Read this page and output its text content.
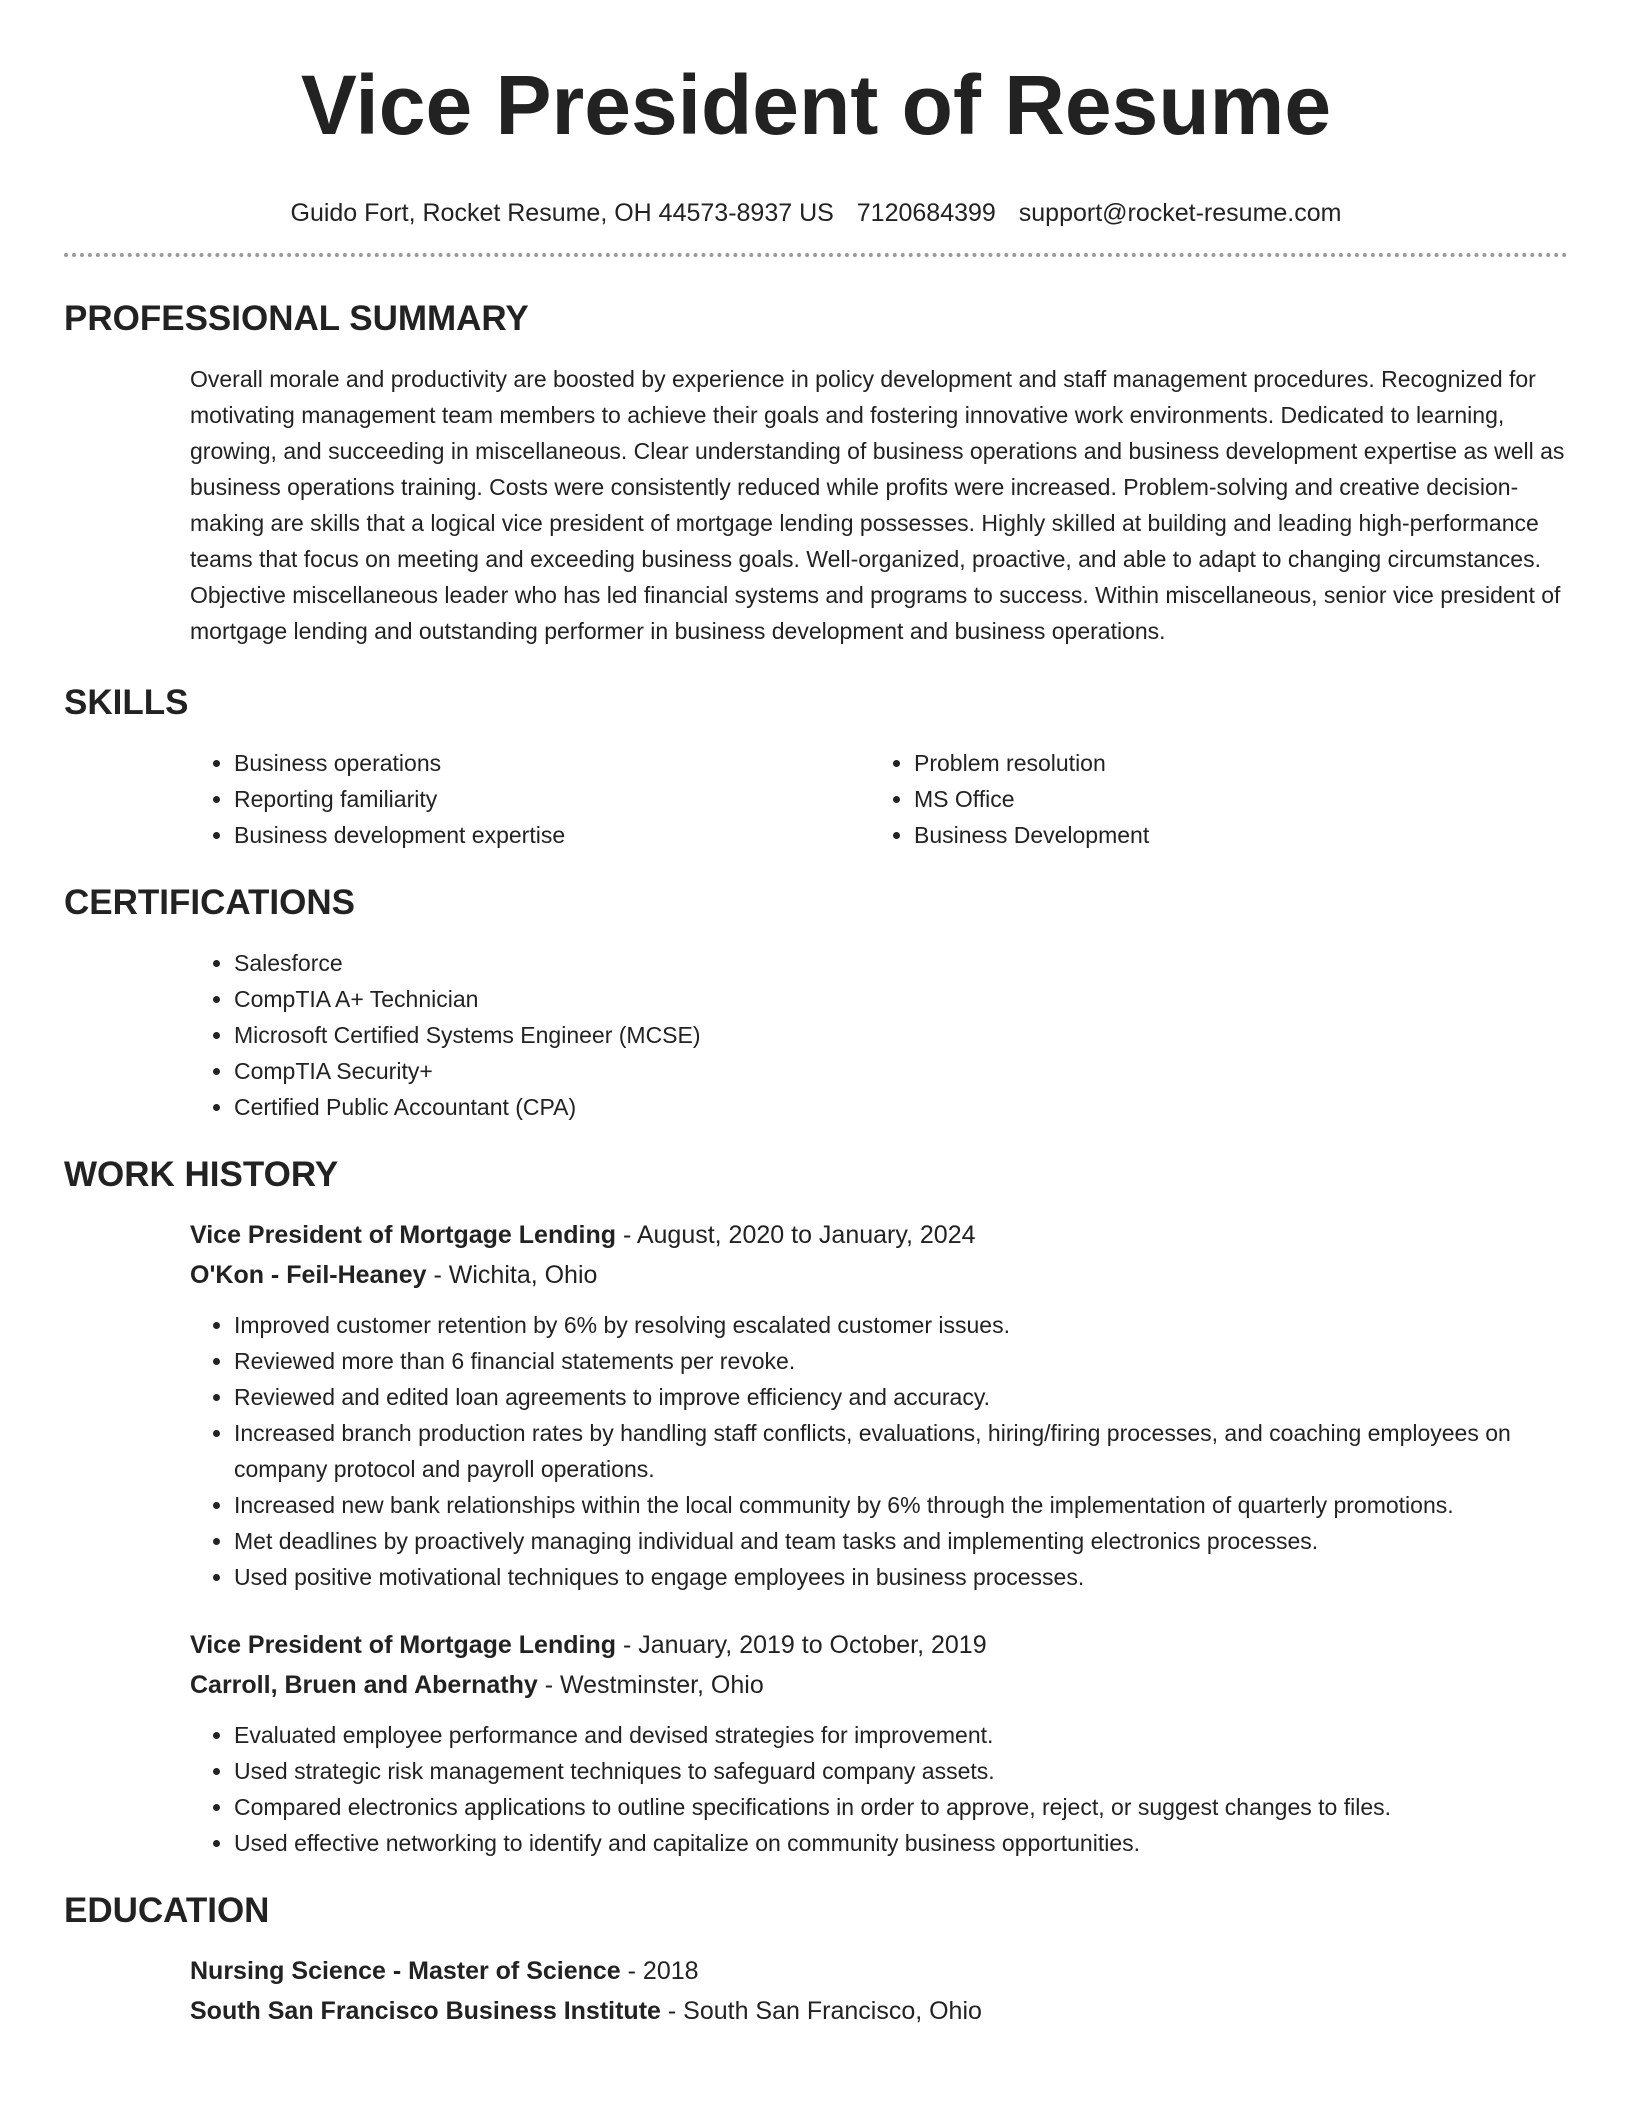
Vice President of Resume
Guido Fort, Rocket Resume, OH 44573-8937 US 7120684399 support@rocket-resume.com
PROFESSIONAL SUMMARY
Overall morale and productivity are boosted by experience in policy development and staff management procedures. Recognized for motivating management team members to achieve their goals and fostering innovative work environments. Dedicated to learning, growing, and succeeding in miscellaneous. Clear understanding of business operations and business development expertise as well as business operations training. Costs were consistently reduced while profits were increased. Problem-solving and creative decision-making are skills that a logical vice president of mortgage lending possesses. Highly skilled at building and leading high-performance teams that focus on meeting and exceeding business goals. Well-organized, proactive, and able to adapt to changing circumstances. Objective miscellaneous leader who has led financial systems and programs to success. Within miscellaneous, senior vice president of mortgage lending and outstanding performer in business development and business operations.
SKILLS
• Business operations
• Reporting familiarity
• Business development expertise
• Problem resolution
• MS Office
• Business Development
CERTIFICATIONS
• Salesforce
• CompTIA A+ Technician
• Microsoft Certified Systems Engineer (MCSE)
• CompTIA Security+
• Certified Public Accountant (CPA)
WORK HISTORY
Vice President of Mortgage Lending - August, 2020 to January, 2024
O'Kon - Feil-Heaney - Wichita, Ohio
• Improved customer retention by 6% by resolving escalated customer issues.
• Reviewed more than 6 financial statements per revoke.
• Reviewed and edited loan agreements to improve efficiency and accuracy.
• Increased branch production rates by handling staff conflicts, evaluations, hiring/firing processes, and coaching employees on company protocol and payroll operations.
• Increased new bank relationships within the local community by 6% through the implementation of quarterly promotions.
• Met deadlines by proactively managing individual and team tasks and implementing electronics processes.
• Used positive motivational techniques to engage employees in business processes.
Vice President of Mortgage Lending - January, 2019 to October, 2019
Carroll, Bruen and Abernathy - Westminster, Ohio
• Evaluated employee performance and devised strategies for improvement.
• Used strategic risk management techniques to safeguard company assets.
• Compared electronics applications to outline specifications in order to approve, reject, or suggest changes to files.
• Used effective networking to identify and capitalize on community business opportunities.
EDUCATION
Nursing Science - Master of Science - 2018
South San Francisco Business Institute - South San Francisco, Ohio
